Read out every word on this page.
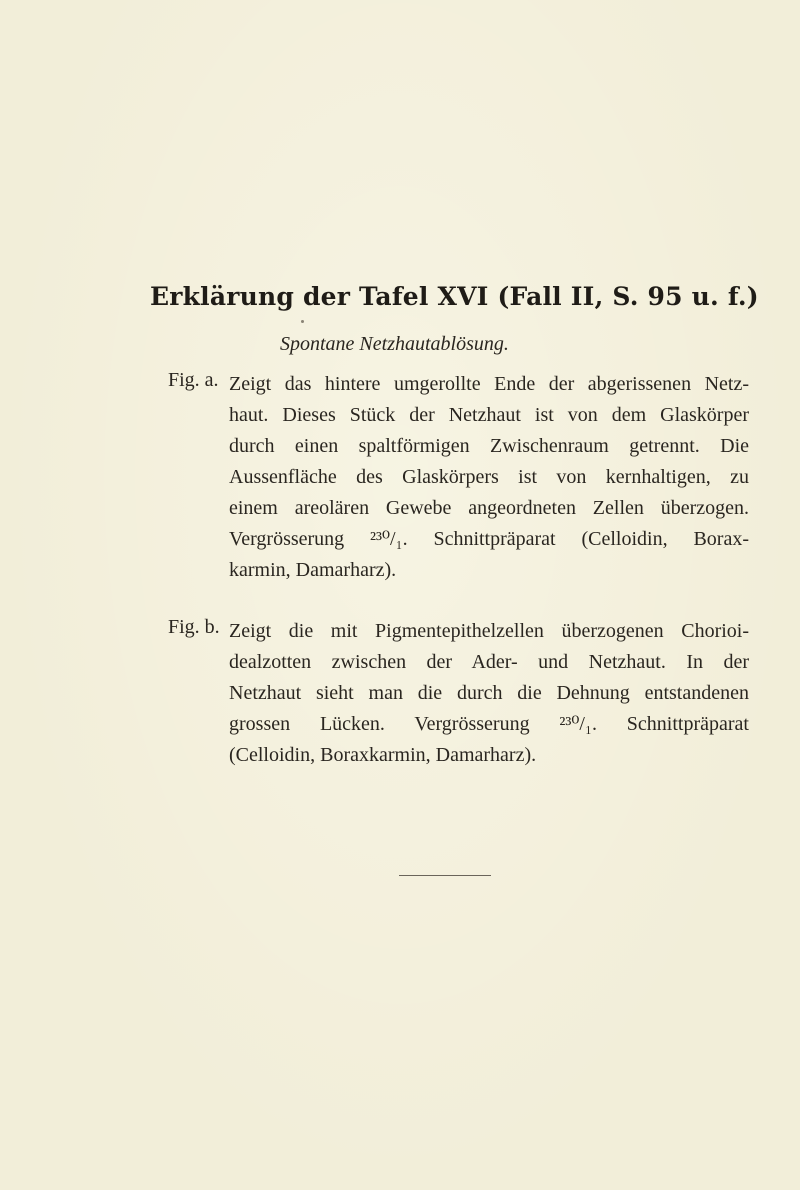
Erklärung der Tafel XVI (Fall II, S. 95 u. f.)
Spontane Netzhautablösung.
Fig. a. Zeigt das hintere umgerollte Ende der abgerissenen Netz-
haut. Dieses Stück der Netzhaut ist von dem Glaskörper
durch einen spaltförmigen Zwischenraum getrennt. Die
Aussenfläche des Glaskörpers ist von kernhaltigen, zu
einem areolären Gewebe angeordneten Zellen überzogen.
Vergrösserung ²³⁰/₁. Schnittpräparat (Celloidin, Borax-
karmin, Damarharz).
Fig. b. Zeigt die mit Pigmentepithelzellen überzogenen Chorioi-
dealzotten zwischen der Ader- und Netzhaut. In der
Netzhaut sieht man die durch die Dehnung entstandenen
grossen Lücken. Vergrösserung ²³⁰/₁. Schnittpräparat
(Celloidin, Boraxkarmin, Damarharz).
